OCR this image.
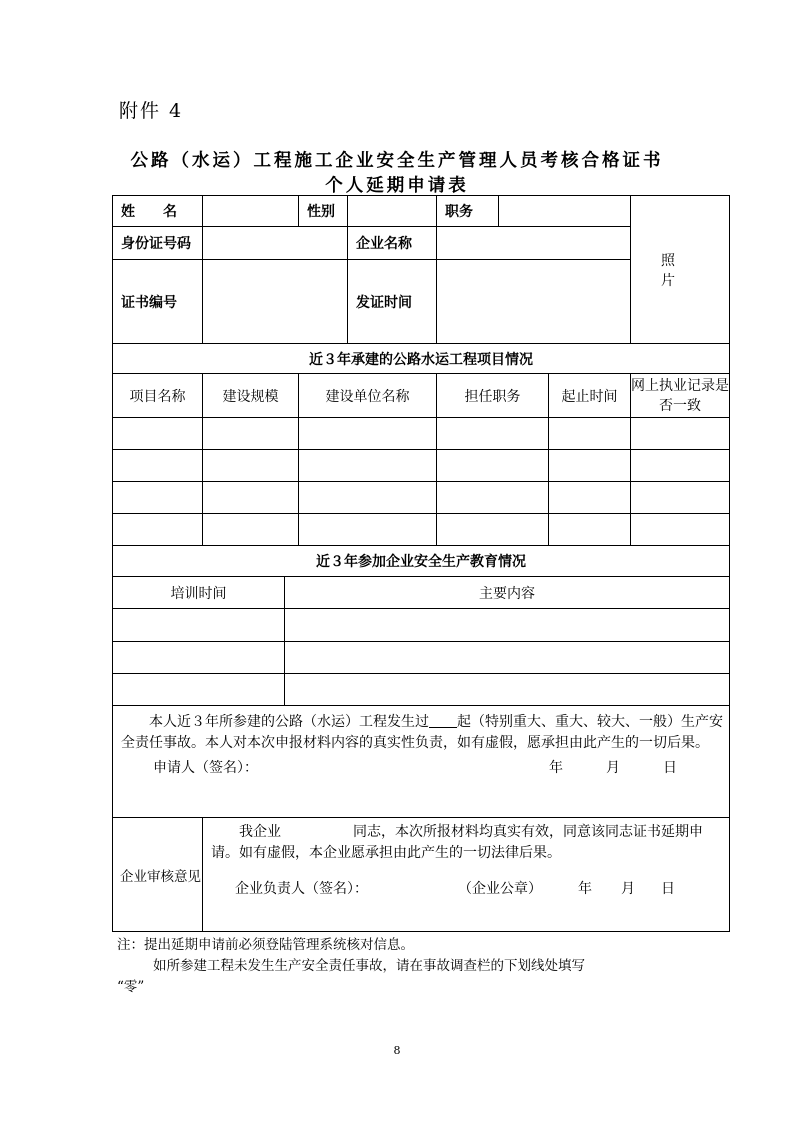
附件 4
公路（水运）工程施工企业安全生产管理人员考核合格证书
个人延期申请表
姓　　名			性别		职务			照　片
身份证号码				企业名称				
证书编号				发证时间				
近３年承建的公路水运工程项目情况								
项目名称	建设规模		建设单位名称		担任职务		起止时间	网上执业记录是否一致

近３年参加企业安全生产教育情况								
培训时间		主要内容						

本人近３年所参建的公路（水运）工程发生过　　 起（特别重大、重大、较大、一般）生产安全责任事故。本人对本次申报材料内容的真实性负责，如有虚假，愿承担由此产生的一切后果。
申请人（签名）： 年 月 日								

企业审核意见	我企业 同志，本次所报材料均真实有效，同意该同志证书延期申请。如有虚假，本企业愿承担由此产生的一切法律后果。
企业负责人（签名）： （企业公章） 年 月 日							
注：提出延期申请前必须登陆管理系统核对信息。
如所参建工程未发生生产安全责任事故，请在事故调查栏的下划线处填写
“零”
8
